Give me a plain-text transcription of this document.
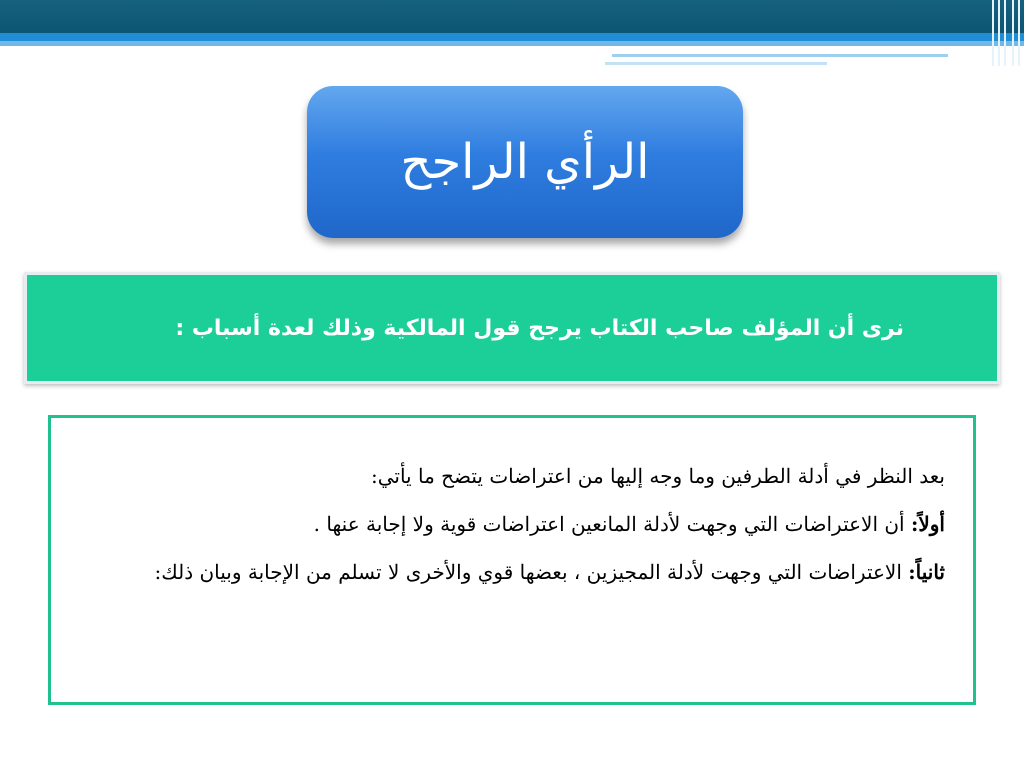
الرأي الراجح
نرى أن المؤلف صاحب الكتاب يرجح قول المالكية وذلك لعدة أسباب :

بعد النظر في أدلة الطرفين وما وجه إليها من اعتراضات يتضح ما يأتي:

أولاً: أن الاعتراضات التي وجهت لأدلة المانعين اعتراضات قوية ولا إجابة عنها .

ثانياً: الاعتراضات التي وجهت لأدلة المجيزين ، بعضها قوي والأخرى لا تسلم من الإجابة وبيان ذلك:
